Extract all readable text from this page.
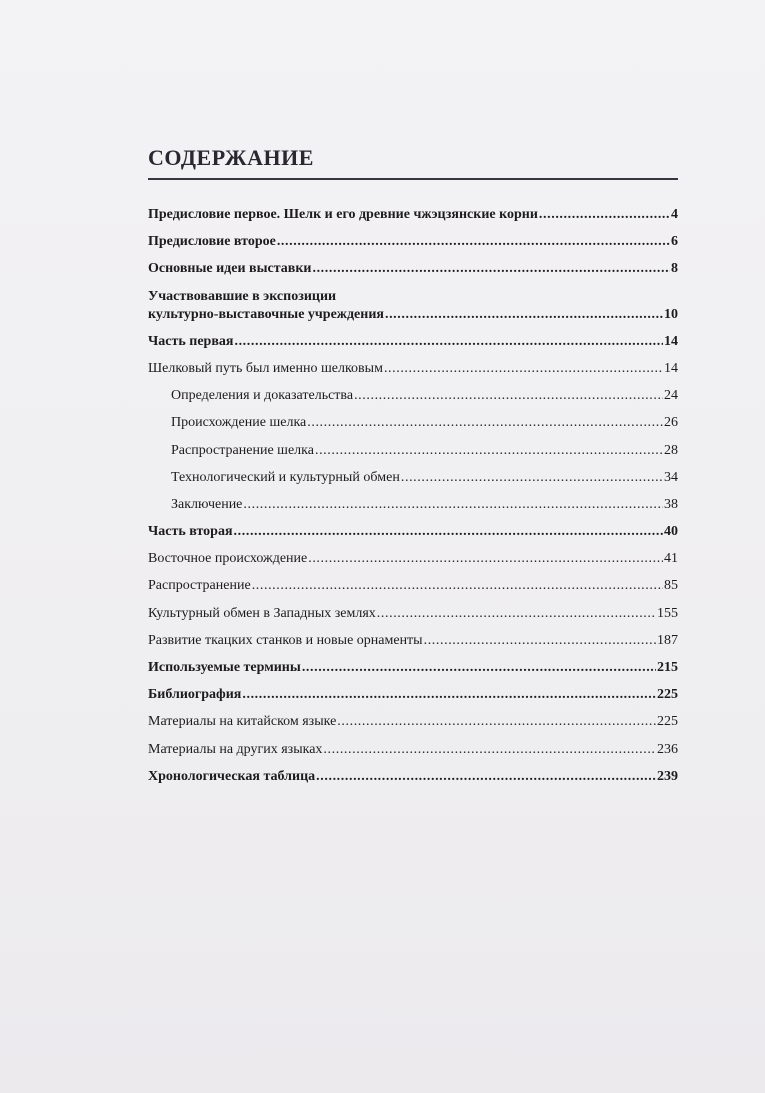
СОДЕРЖАНИЕ
Предисловие первое. Шелк и его древние чжэцзянские корни .....	4
Предисловие второе .....	6
Основные идеи выставки .....	8
Участвовавшие в экспозиции
культурно-выставочные учреждения .....	10
Часть первая .....	14
Шелковый путь был именно шелковым .....	14
Определения и доказательства .....	24
Происхождение шелка .....	26
Распространение шелка .....	28
Технологический и культурный обмен .....	34
Заключение .....	38
Часть вторая .....	40
Восточное происхождение .....	41
Распространение .....	85
Культурный обмен в Западных землях .....	155
Развитие ткацких станков и новые орнаменты .....	187
Используемые термины .....	215
Библиография .....	225
Материалы на китайском языке .....	225
Материалы на других языках .....	236
Хронологическая таблица .....	239
